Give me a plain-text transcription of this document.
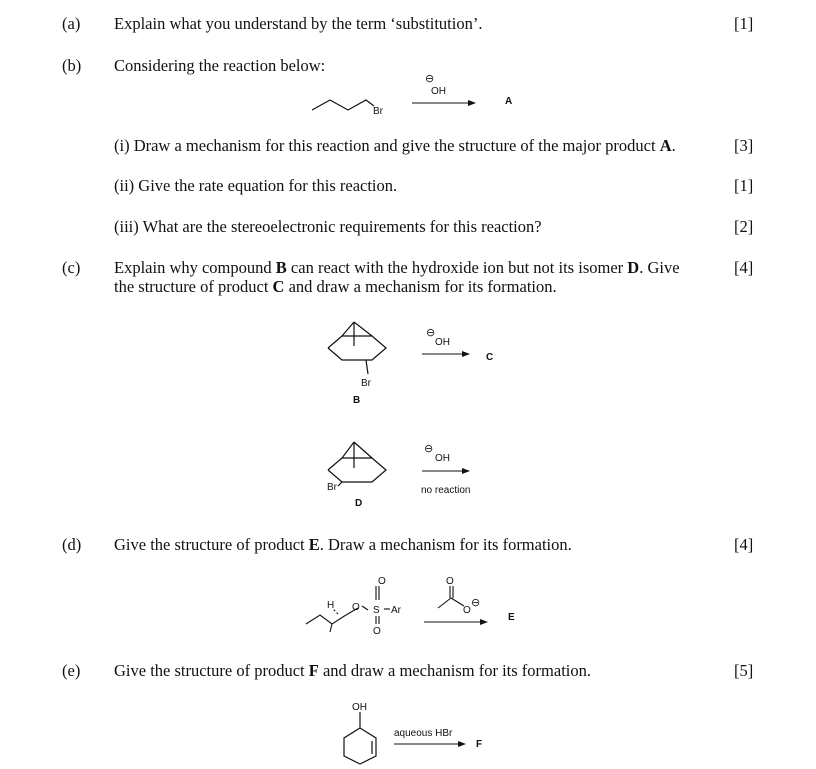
(a) Explain what you understand by the term ‘substitution’.	[1]
(b) Considering the reaction below:
Br
⊖
OH
A
(i) Draw a mechanism for this reaction and give the structure of the major product A.	[3]
(ii) Give the rate equation for this reaction.	[1]
(iii) What are the stereoelectronic requirements for this reaction?	[2]
(c) Explain why compound B can react with the hydroxide ion but not its isomer D. Give
the structure of product C and draw a mechanism for its formation.
[4]
Br
B
⊖
OH
C
Br
D
⊖
OH
no reaction
(d) Give the structure of product E. Draw a mechanism for its formation.	[4]
H O S Ar
O
O
O
O
⊖
E
(e) Give the structure of product F and draw a mechanism for its formation.	[5]
OH
aqueous HBr
F
